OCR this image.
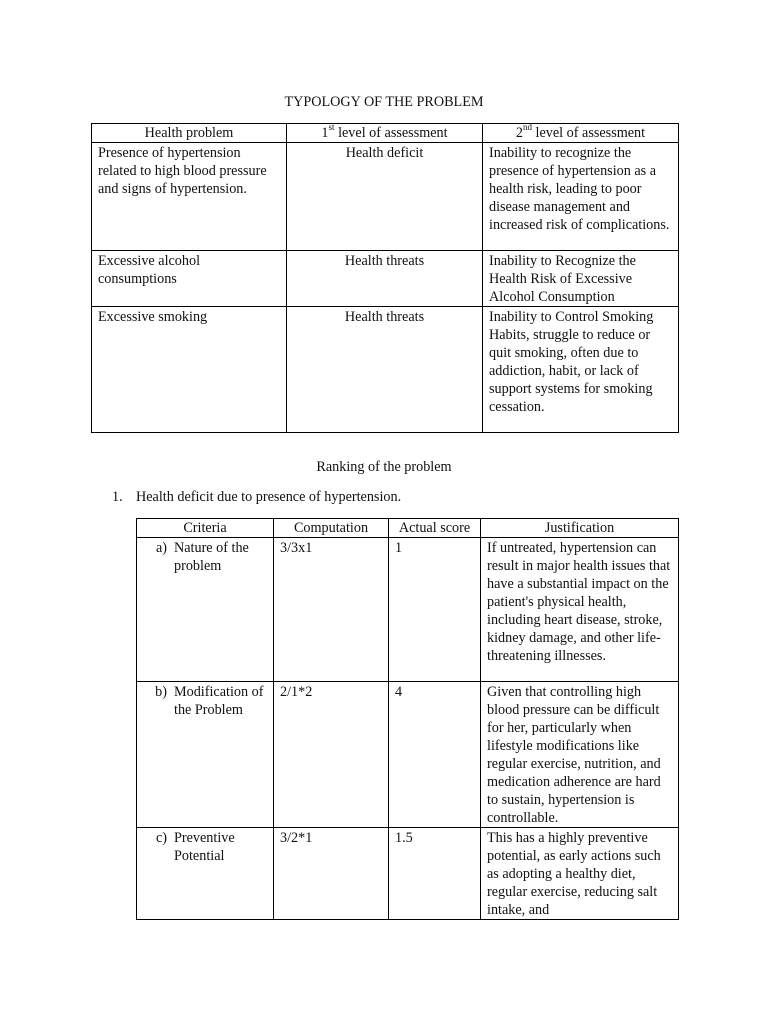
TYPOLOGY OF THE PROBLEM
Health problem	1st level of assessment	2nd level of assessment
Presence of hypertension related to high blood pressure and signs of hypertension.	Health deficit	Inability to recognize the presence of hypertension as a health risk, leading to poor disease management and increased risk of complications.
Excessive alcohol consumptions	Health threats	Inability to Recognize the Health Risk of Excessive Alcohol Consumption
Excessive smoking	Health threats	Inability to Control Smoking Habits, struggle to reduce or quit smoking, often due to addiction, habit, or lack of support systems for smoking cessation.
Ranking of the problem
1. Health deficit due to presence of hypertension.
Criteria	Computation	Actual score	Justification

a) Nature of the problem	3/3x1	1	If untreated, hypertension can result in major health issues that have a substantial impact on the patient's physical health, including heart disease, stroke, kidney damage, and other life-threatening illnesses.

b) Modification of the Problem	2/1*2	4	Given that controlling high blood pressure can be difficult for her, particularly when lifestyle modifications like regular exercise, nutrition, and medication adherence are hard to sustain, hypertension is controllable.

c) Preventive Potential	3/2*1	1.5	This has a highly preventive potential, as early actions such as adopting a healthy diet, regular exercise, reducing salt intake, and
